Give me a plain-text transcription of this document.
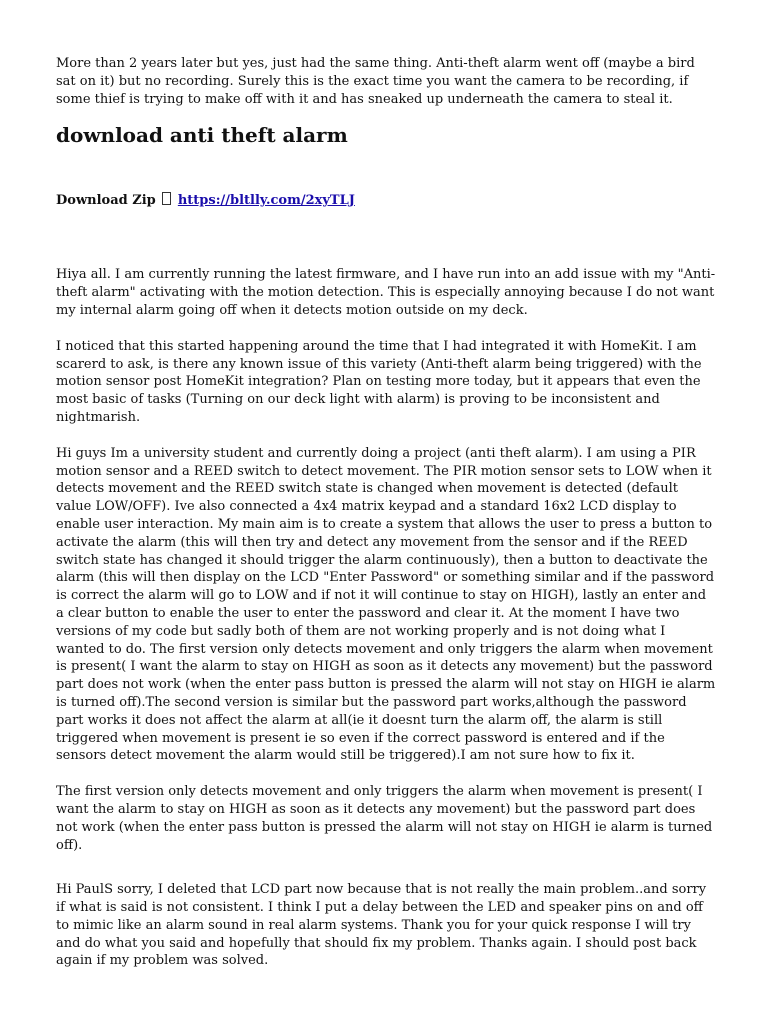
More than 2 years later but yes, just had the same thing. Anti-theft alarm went off (maybe a bird sat on it) but no recording. Surely this is the exact time you want the camera to be recording, if some thief is trying to make off with it and has sneaked up underneath the camera to steal it.

download anti theft alarm
Download Zip https://bltlly.com/2xyTLJ

Hiya all. I am currently running the latest firmware, and I have run into an add issue with my "Anti-theft alarm" activating with the motion detection. This is especially annoying because I do not want my internal alarm going off when it detects motion outside on my deck.

I noticed that this started happening around the time that I had integrated it with HomeKit. I am scarerd to ask, is there any known issue of this variety (Anti-theft alarm being triggered) with the motion sensor post HomeKit integration? Plan on testing more today, but it appears that even the most basic of tasks (Turning on our deck light with alarm) is proving to be inconsistent and nightmarish.

Hi guys Im a university student and currently doing a project (anti theft alarm). I am using a PIR motion sensor and a REED switch to detect movement. The PIR motion sensor sets to LOW when it detects movement and the REED switch state is changed when movement is detected (default value LOW/OFF). Ive also connected a 4x4 matrix keypad and a standard 16x2 LCD display to enable user interaction. My main aim is to create a system that allows the user to press a button to activate the alarm (this will then try and detect any movement from the sensor and if the REED switch state has changed it should trigger the alarm continuously), then a button to deactivate the alarm (this will then display on the LCD "Enter Password" or something similar and if the password is correct the alarm will go to LOW and if not it will continue to stay on HIGH), lastly an enter and a clear button to enable the user to enter the password and clear it. At the moment I have two versions of my code but sadly both of them are not working properly and is not doing what I wanted to do. The first version only detects movement and only triggers the alarm when movement is present( I want the alarm to stay on HIGH as soon as it detects any movement) but the password part does not work (when the enter pass button is pressed the alarm will not stay on HIGH ie alarm is turned off).The second version is similar but the password part works,although the password part works it does not affect the alarm at all(ie it doesnt turn the alarm off, the alarm is still triggered when movement is present ie so even if the correct password is entered and if the sensors detect movement the alarm would still be triggered).I am not sure how to fix it.

The first version only detects movement and only triggers the alarm when movement is present( I want the alarm to stay on HIGH as soon as it detects any movement) but the password part does not work (when the enter pass button is pressed the alarm will not stay on HIGH ie alarm is turned off).

Hi PaulS sorry, I deleted that LCD part now because that is not really the main problem..and sorry if what is said is not consistent. I think I put a delay between the LED and speaker pins on and off to mimic like an alarm sound in real alarm systems. Thank you for your quick response I will try and do what you said and hopefully that should fix my problem. Thanks again. I should post back again if my problem was solved.
